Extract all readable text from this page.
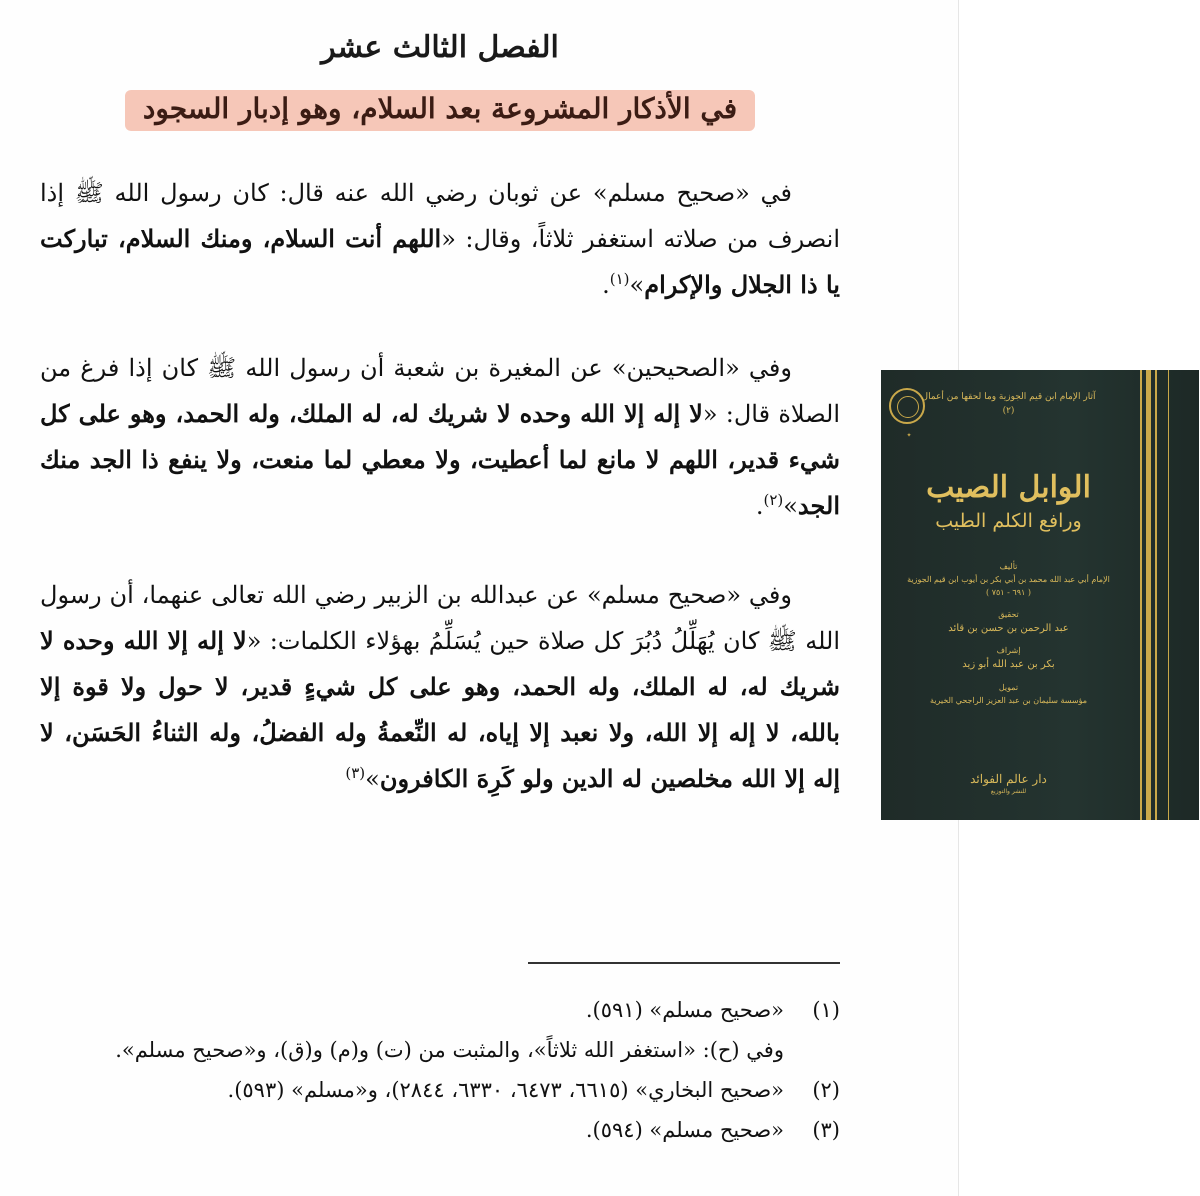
الفصل الثالث عشر
في الأذكار المشروعة بعد السلام، وهو إدبار السجود
في «صحيح مسلم» عن ثوبان رضي الله عنه قال: كان رسول الله ﷺ إذا انصرف من صلاته استغفر ثلاثاً، وقال: «اللهم أنت السلام، ومنك السلام، تباركت يا ذا الجلال والإكرام»$^{(١)}$.
وفي «الصحيحين» عن المغيرة بن شعبة أن رسول الله ﷺ كان إذا فرغ من الصلاة قال: «لا إله إلا الله وحده لا شريك له، له الملك، وله الحمد، وهو على كل شيء قدير، اللهم لا مانع لما أعطيت، ولا معطي لما منعت، ولا ينفع ذا الجد منك الجد»$^{(٢)}$.
وفي «صحيح مسلم» عن عبدالله بن الزبير رضي الله تعالى عنهما، أن رسول الله ﷺ كان يُهَلِّلُ دُبُرَ كل صلاة حين يُسَلِّمُ بهؤلاء الكلمات: «لا إله إلا الله وحده لا شريك له، له الملك، وله الحمد، وهو على كل شيءٍ قدير، لا حول ولا قوة إلا بالله، لا إله إلا الله، ولا نعبد إلا إياه، له النِّعمةُ وله الفضلُ، وله الثناءُ الحَسَن، لا إله إلا الله مخلصين له الدين ولو كَرِهَ الكافرون»$^{(٣)}$
(١)
«صحيح مسلم» (٥٩١).
وفي (ح): «استغفر الله ثلاثاً»، والمثبت من (ت) و(م) و(ق)، و«صحيح مسلم».
(٢)
«صحيح البخاري» (٦٦١٥، ٦٤٧٣، ٦٣٣٠، ٢٨٤٤)، و«مسلم» (٥٩٣).
(٣)
«صحيح مسلم» (٥٩٤).
✦
آثار الإمام ابن قيم الجوزية وما لحقها من أعمال
(٢)
الوابل الصيب
ورافع الكلم الطيب
تأليف
الإمام أبي عبد الله محمد بن أبي بكر بن أيوب ابن قيم الجوزية
( ٦٩١ - ٧٥١ )
تحقيق
عبد الرحمن بن حسن بن قائد
إشراف
بكر بن عبد الله أبو زيد
تمويل
مؤسسة سليمان بن عبد العزيز الراجحي الخيرية
دار عالم الفوائد
للنشر والتوزيع
